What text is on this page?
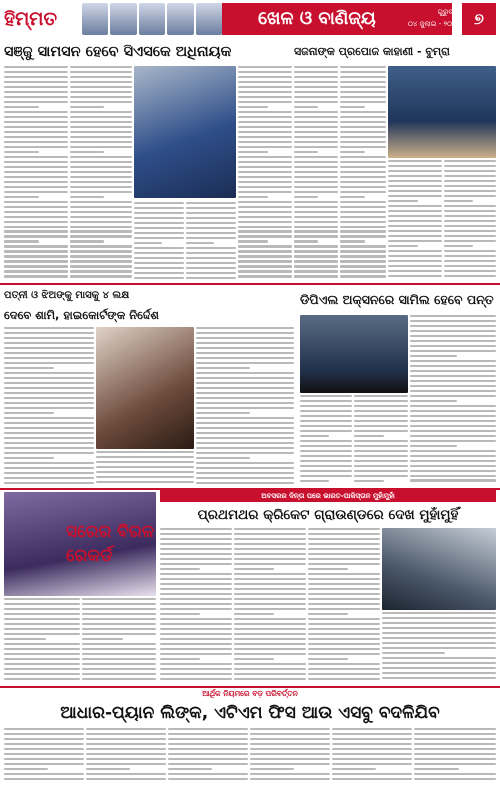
ହିମ୍ମତ	ଖେଳ ଓ ବାଣିଜ୍ୟ	ଗୁରୁବାର
୦୪ ଜୁଲାଇ - ୨୦୨୪ ୭
ସଞ୍ଜୁ ସାମସନ ହେବେ ସିଏସକେ ଅଧିନାୟକ	ସଜନାଙ୍କ ପ୍ରପୋଜ କାହାଣୀ - ବୁମ୍ରା
ପତ୍ନୀ ଓ ଝିଅଙ୍କୁ ମାସକୁ ୪ ଲକ୍ଷ
ଦେବେ ଶାମି, ହାଇକୋର୍ଟଙ୍କ ନିର୍ଦ୍ଦେଶ
ଡିପିଏଲ ଅକ୍ସନରେ ସାମିଲ ହେବେ ପନ୍ତ
ଅବସରର ଦିନ୍ତା ପରେ ଭାରତ-ପାକିସ୍ତାନ ମୁହାଁମୁହାଁ
ପ୍ରଥମଥର କ୍ରିକେଟ ଗ୍ରାଉଣ୍ଡରେ ଦେଖ ମୁହାଁମୁହିଁ
ସରେର ବିରଳ ରେକର୍ଡ
ଆର୍ଥିକ ନିୟମରେ ବଡ଼ ପରିବର୍ତ୍ତନ
ଆଧାର-ପ୍ୟାନ ଲିଙ୍କ, ଏଟିଏମ ଫିସ ଆଉ ଏସବୁ ବଦଳିଯିବ
